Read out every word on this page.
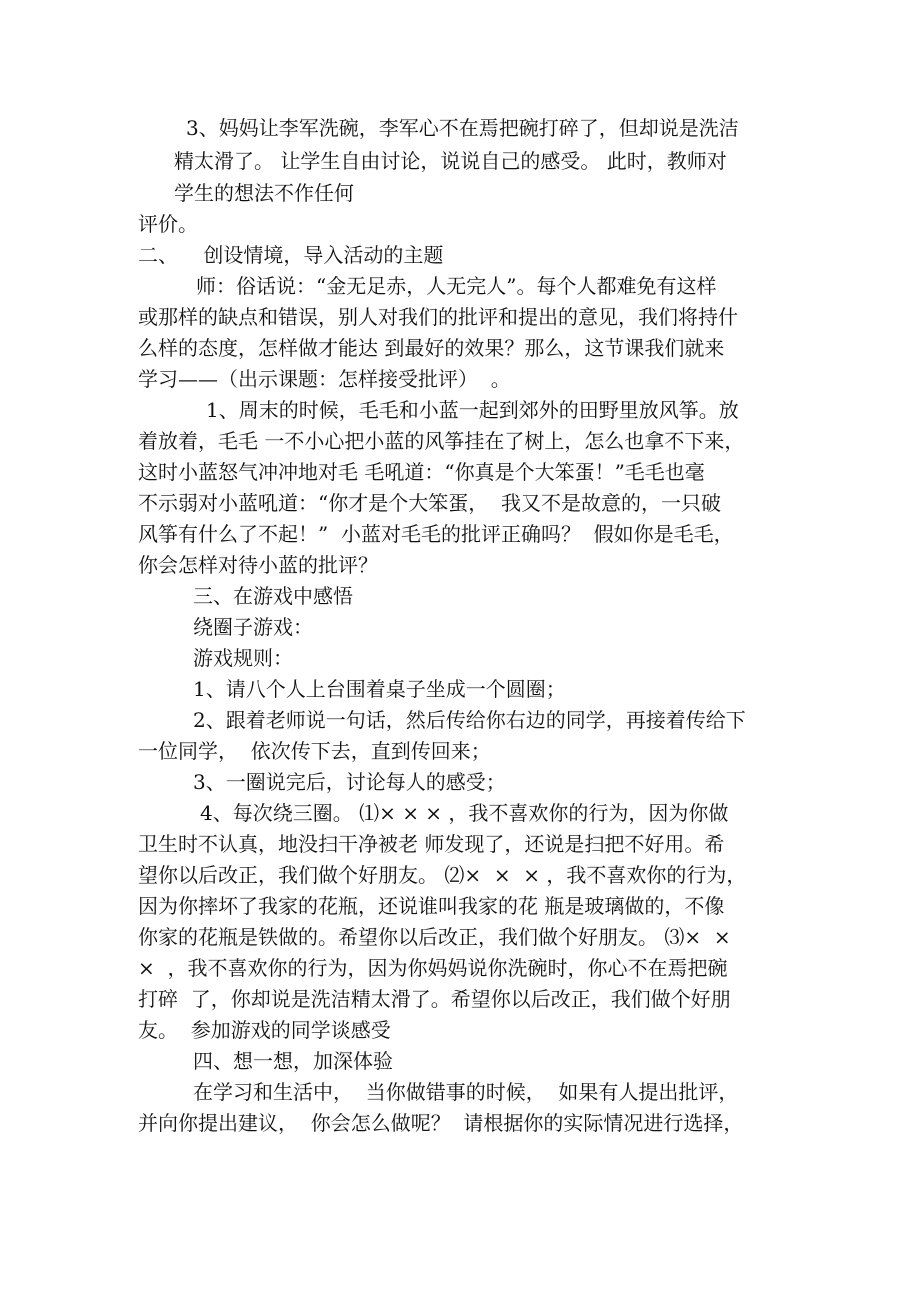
3、妈妈让李军洗碗，李军心不在焉把碗打碎了，但却说是洗洁

精太滑了。 让学生自由讨论，说说自己的感受。 此时，教师对

学生的想法不作任何

评价。

二、    创设情境，导入活动的主题

师：俗话说：“金无足赤，人无完人”。每个人都难免有这样

或那样的缺点和错误，别人对我们的批评和提出的意见，我们将持什

么样的态度，怎样做才能达 到最好的效果？那么，这节课我们就来

学习——（出示课题：怎样接受批评）  。

1、周末的时候，毛毛和小蓝一起到郊外的田野里放风筝。放

着放着，毛毛 一不小心把小蓝的风筝挂在了树上，怎么也拿不下来，

这时小蓝怒气冲冲地对毛 毛吼道：“你真是个大笨蛋！”毛毛也毫

不示弱对小蓝吼道：“你才是个大笨蛋，  我又不是故意的，一只破

风筝有什么了不起！”  小蓝对毛毛的批评正确吗？  假如你是毛毛，

你会怎样对待小蓝的批评？

三、在游戏中感悟

绕圈子游戏：

游戏规则：

1、请八个人上台围着桌子坐成一个圆圈；

2、跟着老师说一句话，然后传给你右边的同学，再接着传给下

一位同学，  依次传下去，直到传回来；

3、一圈说完后，讨论每人的感受；

4、每次绕三圈。 ⑴× × × ，我不喜欢你的行为，因为你做

卫生时不认真，地没扫干净被老 师发现了，还说是扫把不好用。希

望你以后改正，我们做个好朋友。 ⑵×  ×  × ，我不喜欢你的行为，

因为你摔坏了我家的花瓶，还说谁叫我家的花 瓶是玻璃做的，不像

你家的花瓶是铁做的。希望你以后改正，我们做个好朋友。 ⑶×  ×

×  ，我不喜欢你的行为，因为你妈妈说你洗碗时，你心不在焉把碗

打碎  了，你却说是洗洁精太滑了。希望你以后改正，我们做个好朋

友。  参加游戏的同学谈感受

四、想一想，加深体验

在学习和生活中，  当你做错事的时候，  如果有人提出批评，

并向你提出建议，  你会怎么做呢？  请根据你的实际情况进行选择，
